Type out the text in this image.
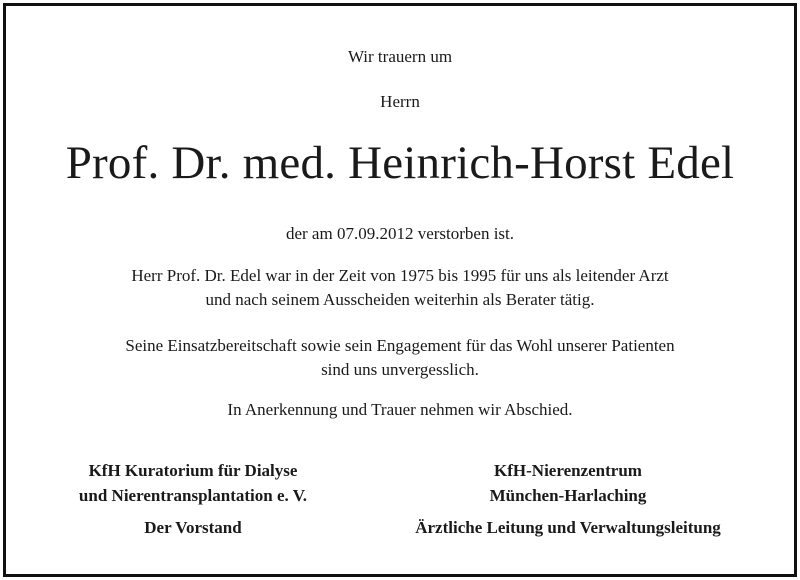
Wir trauern um
Herrn
Prof. Dr. med. Heinrich-Horst Edel
der am 07.09.2012 verstorben ist.
Herr Prof. Dr. Edel war in der Zeit von 1975 bis 1995 für uns als leitender Arzt
und nach seinem Ausscheiden weiterhin als Berater tätig.
Seine Einsatzbereitschaft sowie sein Engagement für das Wohl unserer Patienten
sind uns unvergesslich.
In Anerkennung und Trauer nehmen wir Abschied.
KfH Kuratorium für Dialyse
und Nierentransplantation e. V.
KfH-Nierenzentrum
München-Harlaching
Der Vorstand	Ärztliche Leitung und Verwaltungsleitung
